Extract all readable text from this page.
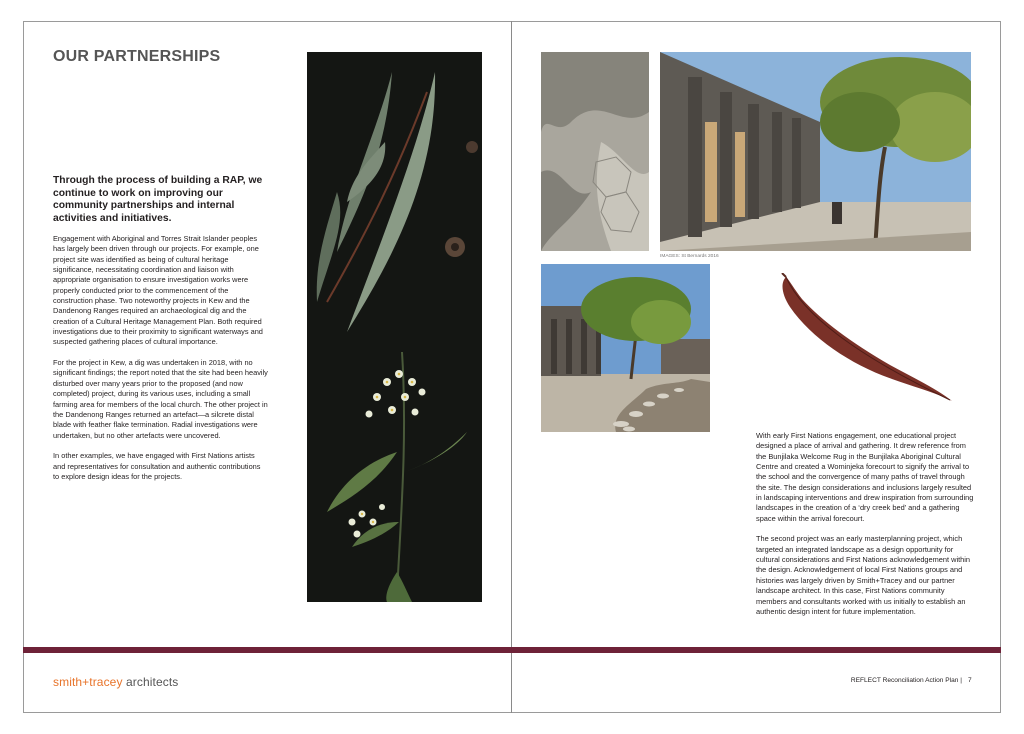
OUR PARTNERSHIPS

Through the process of building a RAP, we continue to work on improving our community partnerships and internal activities and initiatives.

Engagement with Aboriginal and Torres Strait Islander peoples has largely been driven through our projects. For example, one project site was identified as being of cultural heritage significance, necessitating coordination and liaison with appropriate organisation to ensure investigation works were properly conducted prior to the commencement of the construction phase. Two noteworthy projects in Kew and the Dandenong Ranges required an archaeological dig and the creation of a Cultural Heritage Management Plan. Both required investigations due to their proximity to significant waterways and suspected gathering places of cultural importance.

For the project in Kew, a dig was undertaken in 2018, with no significant findings; the report noted that the site had been heavily disturbed over many years prior to the proposed (and now completed) project, during its various uses, including a small farming area for members of the local church. The other project in the Dandenong Ranges returned an artefact—a silcrete distal blade with feather flake termination. Radial investigations were undertaken, but no other artefacts were uncovered.

In other examples, we have engaged with First Nations artists and representatives for consultation and authentic contributions to explore design ideas for the projects.

IMAGES: St Bernards 2016

With early First Nations engagement, one educational project designed a place of arrival and gathering. It drew reference from the Bunjilaka Welcome Rug in the Bunjilaka Aboriginal Cultural Centre and created a Wominjeka forecourt to signify the arrival to the school and the convergence of many paths of travel through the site. The design considerations and inclusions largely resulted in landscaping interventions and drew inspiration from surrounding landscapes in the creation of a ‘dry creek bed’ and a gathering space within the arrival forecourt.

The second project was an early masterplanning project, which targeted an integrated landscape as a design opportunity for cultural considerations and First Nations acknowledgement within the design. Acknowledgement of local First Nations groups and histories was largely driven by Smith+Tracey and our partner landscape architect. In this case, First Nations community members and consultants worked with us initially to establish an authentic design intent for future implementation.

smith+tracey architects	REFLECT Reconciliation Action Plan | 7
